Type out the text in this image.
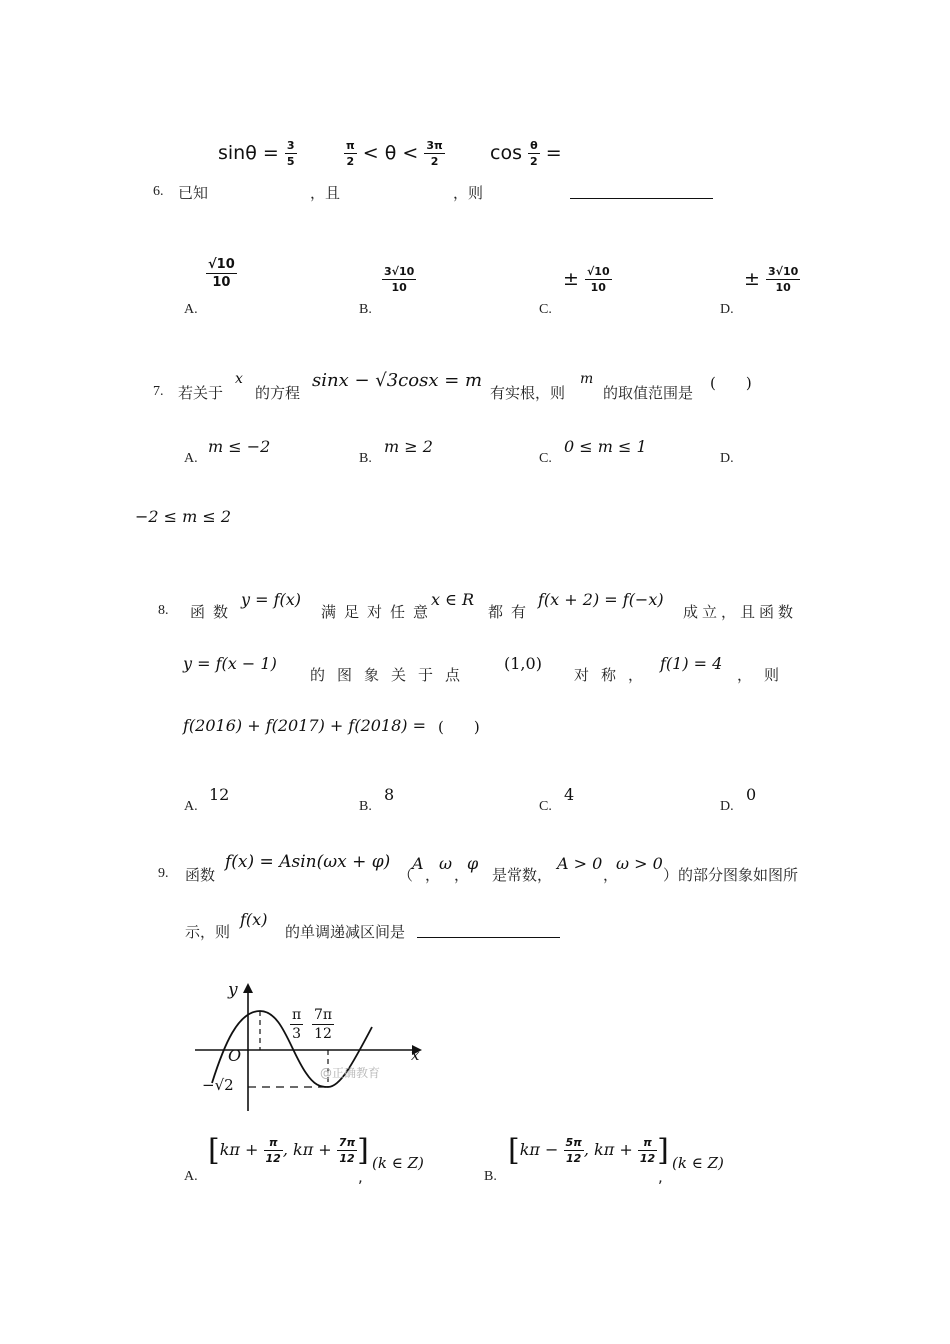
6. 已知
$\sin\theta = \frac{3}{5}$
，且
$\frac{\pi}{2} < \theta < \frac{3\pi}{2}$
，则
$\cos \frac{\theta}{2}$ =
A.
$\frac{√10}{10}$
B.
$\frac{3√10}{10}$
C.
± $\frac{√10}{10}$
D.
± $\frac{3√10}{10}$
7. 若关于
x
的方程
sinx − √3cosx = m
有实根，则
m
的取值范围是
(　　)
A.
m ≤ −2
B.
m ≥ 2
C.
0 ≤ m ≤ 1
D.
−2 ≤ m ≤ 2
8. 函数
y = f(x)
满足对任意
x ∈ R
都有
f(x + 2) = f(−x)
成立，且函数
y = f(x − 1)
的图象关于点
(1,0)
对称，
f(1) = 4
，则
f(2016) + f(2017) + f(2018) = (　　)
A.
12
B.
8
C.
4
D.
0
9. 函数
f(x) = Asin(ωx + φ)
（
A
，
ω
，
φ
是常数，
A > 0
，
ω > 0
）的部分图象如图所
示，则
f(x)
的单调递减区间是
y
x
O
$\frac{\pi}{3} \frac{7\pi}{12}$
−√2
@正确教育
A.
[$k\pi + \frac{\pi}{12}$ , $k\pi + \frac{7\pi}{12}$ ]
,
(k ∈ Z)
B.
[$k\pi - \frac{5\pi}{12}$ , $k\pi + \frac{\pi}{12}$ ]
,
(k ∈ Z)
